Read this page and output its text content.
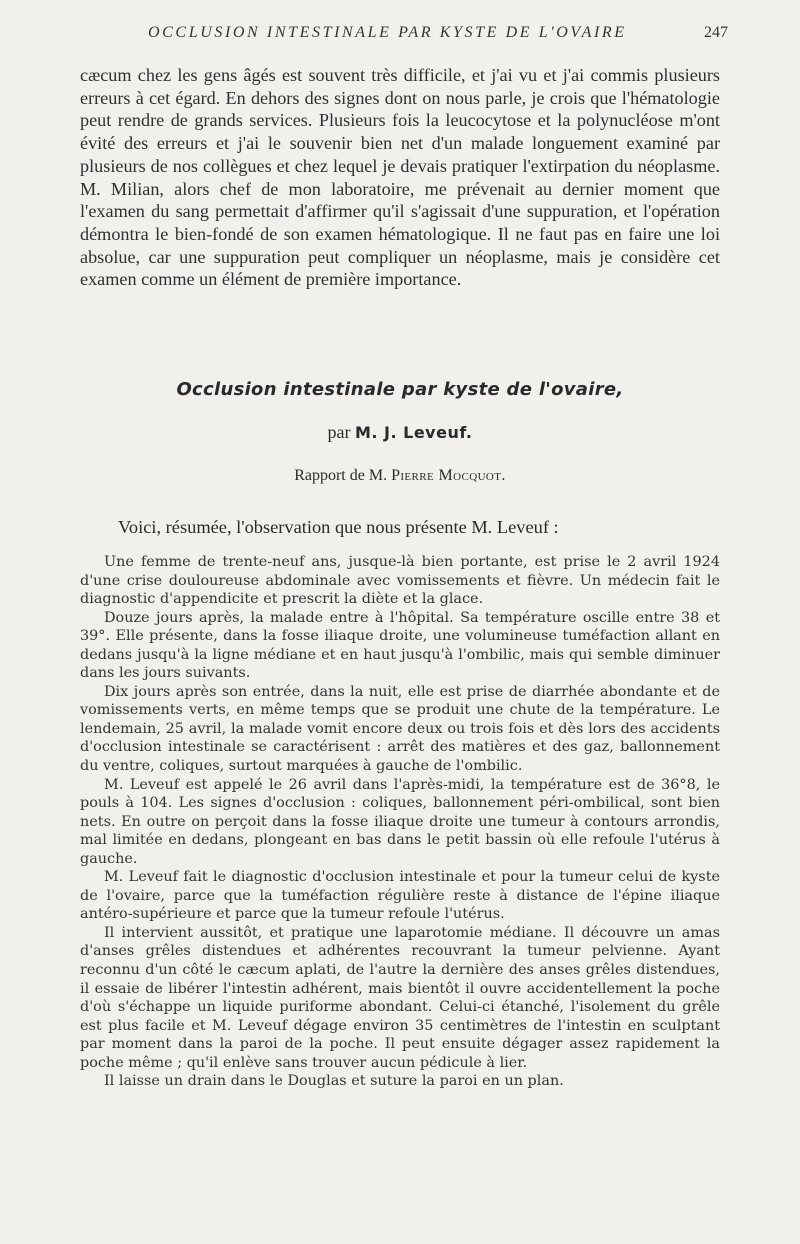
OCCLUSION INTESTINALE PAR KYSTE DE L'OVAIRE	247

cæcum chez les gens âgés est souvent très difficile, et j'ai vu et j'ai commis plusieurs erreurs à cet égard. En dehors des signes dont on nous parle, je crois que l'hématologie peut rendre de grands services. Plusieurs fois la leucocytose et la polynucléose m'ont évité des erreurs et j'ai le souvenir bien net d'un malade longuement examiné par plusieurs de nos collègues et chez lequel je devais pratiquer l'extirpation du néoplasme. M. Milian, alors chef de mon laboratoire, me prévenait au dernier moment que l'examen du sang permettait d'affirmer qu'il s'agissait d'une suppuration, et l'opération démontra le bien-fondé de son examen hématologique. Il ne faut pas en faire une loi absolue, car une suppuration peut compliquer un néoplasme, mais je considère cet examen comme un élément de première importance.

Occlusion intestinale par kyste de l'ovaire,
par M. J. Leveuf.
Rapport de M. Pierre Mocquot.
Voici, résumée, l'observation que nous présente M. Leveuf :

Une femme de trente-neuf ans, jusque-là bien portante, est prise le 2 avril 1924 d'une crise douloureuse abdominale avec vomissements et fièvre. Un médecin fait le diagnostic d'appendicite et prescrit la diète et la glace.

Douze jours après, la malade entre à l'hôpital. Sa température oscille entre 38 et 39°. Elle présente, dans la fosse iliaque droite, une volumineuse tuméfaction allant en dedans jusqu'à la ligne médiane et en haut jusqu'à l'ombilic, mais qui semble diminuer dans les jours suivants.

Dix jours après son entrée, dans la nuit, elle est prise de diarrhée abondante et de vomissements verts, en même temps que se produit une chute de la température. Le lendemain, 25 avril, la malade vomit encore deux ou trois fois et dès lors des accidents d'occlusion intestinale se caractérisent : arrêt des matières et des gaz, ballonnement du ventre, coliques, surtout marquées à gauche de l'ombilic.

M. Leveuf est appelé le 26 avril dans l'après-midi, la température est de 36°8, le pouls à 104. Les signes d'occlusion : coliques, ballonnement péri-ombilical, sont bien nets. En outre on perçoit dans la fosse iliaque droite une tumeur à contours arrondis, mal limitée en dedans, plongeant en bas dans le petit bassin où elle refoule l'utérus à gauche.

M. Leveuf fait le diagnostic d'occlusion intestinale et pour la tumeur celui de kyste de l'ovaire, parce que la tuméfaction régulière reste à distance de l'épine iliaque antéro-supérieure et parce que la tumeur refoule l'utérus.

Il intervient aussitôt, et pratique une laparotomie médiane. Il découvre un amas d'anses grêles distendues et adhérentes recouvrant la tumeur pelvienne. Ayant reconnu d'un côté le cæcum aplati, de l'autre la dernière des anses grêles distendues, il essaie de libérer l'intestin adhérent, mais bientôt il ouvre accidentellement la poche d'où s'échappe un liquide puriforme abondant. Celui-ci étanché, l'isolement du grêle est plus facile et M. Leveuf dégage environ 35 centimètres de l'intestin en sculptant par moment dans la paroi de la poche. Il peut ensuite dégager assez rapidement la poche même ; qu'il enlève sans trouver aucun pédicule à lier.

Il laisse un drain dans le Douglas et suture la paroi en un plan.
